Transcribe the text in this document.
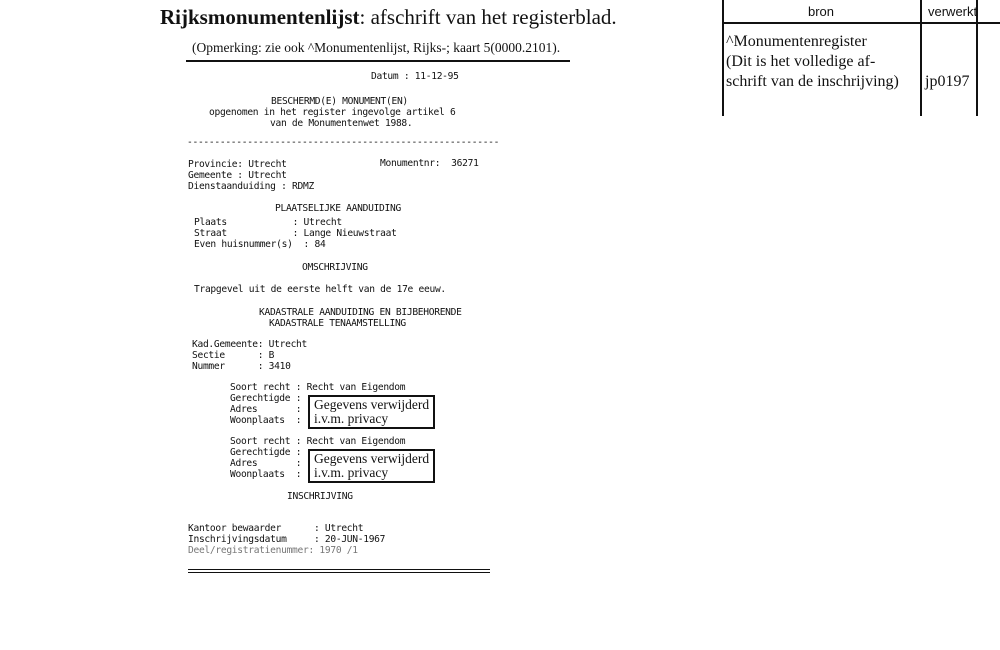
Rijksmonumentenlijst: afschrift van het registerblad.
(Opmerking: zie ook ^Monumentenlijst, Rijks-; kaart 5(0000.2101).
Datum : 11-12-95
BESCHERMD(E) MONUMENT(EN)
opgenomen in het register ingevolge artikel 6
van de Monumentenwet 1988.
---------------------------------------------------------
Provincie: Utrecht	Monumentnr:  36271
Gemeente : Utrecht
Dienstaanduiding : RDMZ
PLAATSELIJKE AANDUIDING
Plaats            : Utrecht
Straat            : Lange Nieuwstraat
Even huisnummer(s)  : 84
OMSCHRIJVING
Trapgevel uit de eerste helft van de 17e eeuw.
KADASTRALE AANDUIDING EN BIJBEHORENDE
KADASTRALE TENAAMSTELLING
Kad.Gemeente: Utrecht
Sectie      : B
Nummer      : 3410
Soort recht : Recht van Eigendom
Gerechtigde :
Adres       :
Woonplaats  :
Gegevens verwijderd
i.v.m. privacy
Soort recht : Recht van Eigendom
Gerechtigde :
Adres       :
Woonplaats  :
Gegevens verwijderd
i.v.m. privacy
INSCHRIJVING
Kantoor bewaarder      : Utrecht
Inschrijvingsdatum     : 20-JUN-1967
Deel/registratienummer: 1970 /1
bron	verwerkt
^Monumentenregister
(Dit is het volledige af-
schrift van de inschrijving) jp0197
